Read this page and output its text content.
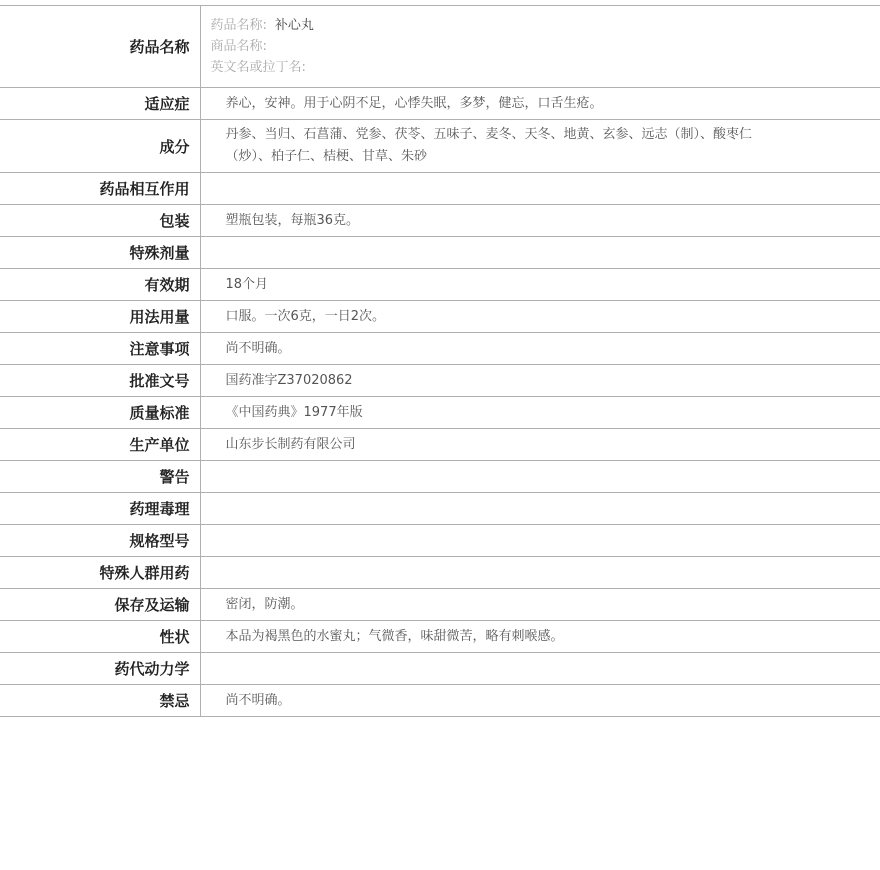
药品名称	药品名称: 补心丸
商品名称:
英文名或拉丁名:

适应症	养心，安神。用于心阴不足，心悸失眠，多梦，健忘，口舌生疮。
成分	丹参、当归、石菖蒲、党参、茯苓、五味子、麦冬、天冬、地黄、玄参、远志（制）、酸枣仁（炒）、柏子仁、桔梗、甘草、朱砂
药品相互作用	
包装	塑瓶包装，每瓶36克。
特殊剂量	
有效期	18个月
用法用量	口服。一次6克，一日2次。
注意事项	尚不明确。
批准文号	国药准字Z37020862
质量标准	《中国药典》1977年版
生产单位	山东步长制药有限公司
警告	
药理毒理	
规格型号	
特殊人群用药	
保存及运输	密闭，防潮。
性状	本品为褐黑色的水蜜丸；气微香，味甜微苦，略有刺喉感。
药代动力学	
禁忌	尚不明确。
